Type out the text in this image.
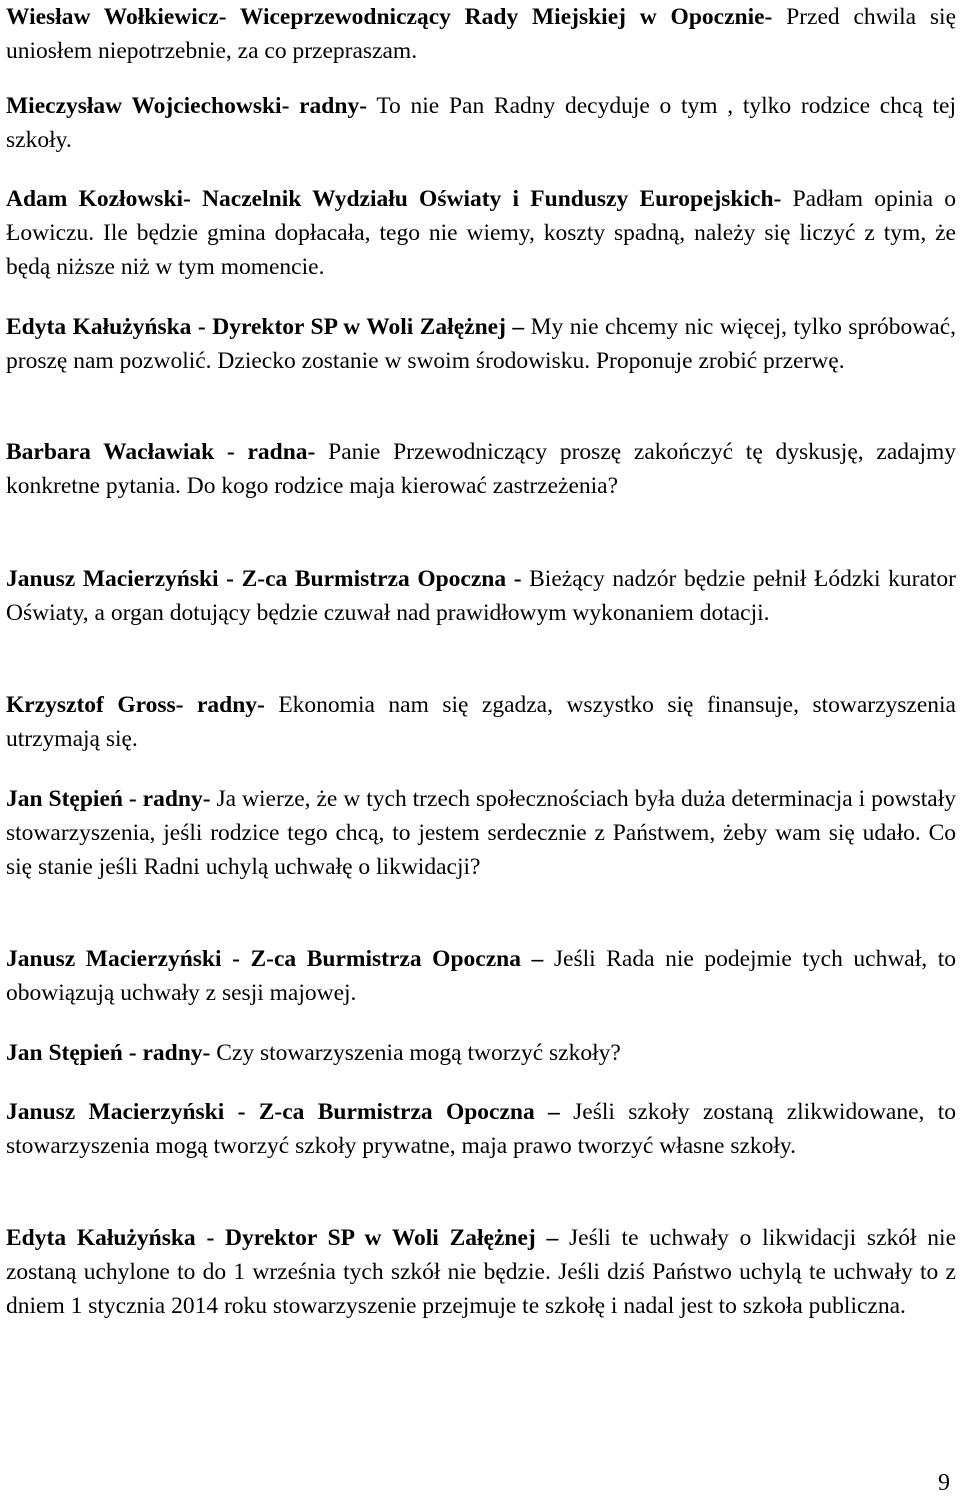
Wiesław Wołkiewicz- Wiceprzewodniczący Rady Miejskiej w Opocznie- Przed chwila się uniosłem niepotrzebnie, za co przepraszam.

Mieczysław Wojciechowski- radny- To nie Pan Radny decyduje o tym , tylko rodzice chcą tej szkoły.

Adam Kozłowski- Naczelnik Wydziału Oświaty i Funduszy Europejskich- Padłam opinia o Łowiczu. Ile będzie gmina dopłacała, tego nie wiemy, koszty spadną, należy się liczyć z tym, że będą niższe niż w tym momencie.

Edyta Kałużyńska - Dyrektor SP w Woli Załężnej – My nie chcemy nic więcej, tylko spróbować, proszę nam pozwolić. Dziecko zostanie w swoim środowisku. Proponuje zrobić przerwę.

Barbara Wacławiak - radna- Panie Przewodniczący proszę zakończyć tę dyskusję, zadajmy konkretne pytania. Do kogo rodzice maja kierować zastrzeżenia?

Janusz Macierzyński - Z-ca Burmistrza Opoczna - Bieżący nadzór będzie pełnił Łódzki kurator Oświaty, a organ dotujący będzie czuwał nad prawidłowym wykonaniem dotacji.

Krzysztof Gross- radny- Ekonomia nam się zgadza, wszystko się finansuje, stowarzyszenia utrzymają się.

Jan Stępień - radny- Ja wierze, że w tych trzech społecznościach była duża determinacja i powstały stowarzyszenia, jeśli rodzice tego chcą, to jestem serdecznie z Państwem, żeby wam się udało. Co się stanie jeśli Radni uchylą uchwałę o likwidacji?

Janusz Macierzyński - Z-ca Burmistrza Opoczna – Jeśli Rada nie podejmie tych uchwał, to obowiązują uchwały z sesji majowej.

Jan Stępień - radny- Czy stowarzyszenia mogą tworzyć szkoły?

Janusz Macierzyński - Z-ca Burmistrza Opoczna – Jeśli szkoły zostaną zlikwidowane, to stowarzyszenia mogą tworzyć szkoły prywatne, maja prawo tworzyć własne szkoły.

Edyta Kałużyńska - Dyrektor SP w Woli Załężnej – Jeśli te uchwały o likwidacji szkół nie zostaną uchylone to do 1 września tych szkół nie będzie. Jeśli dziś Państwo uchylą te uchwały to z dniem 1 stycznia 2014 roku stowarzyszenie przejmuje te szkołę i nadal jest to szkoła publiczna.

9
